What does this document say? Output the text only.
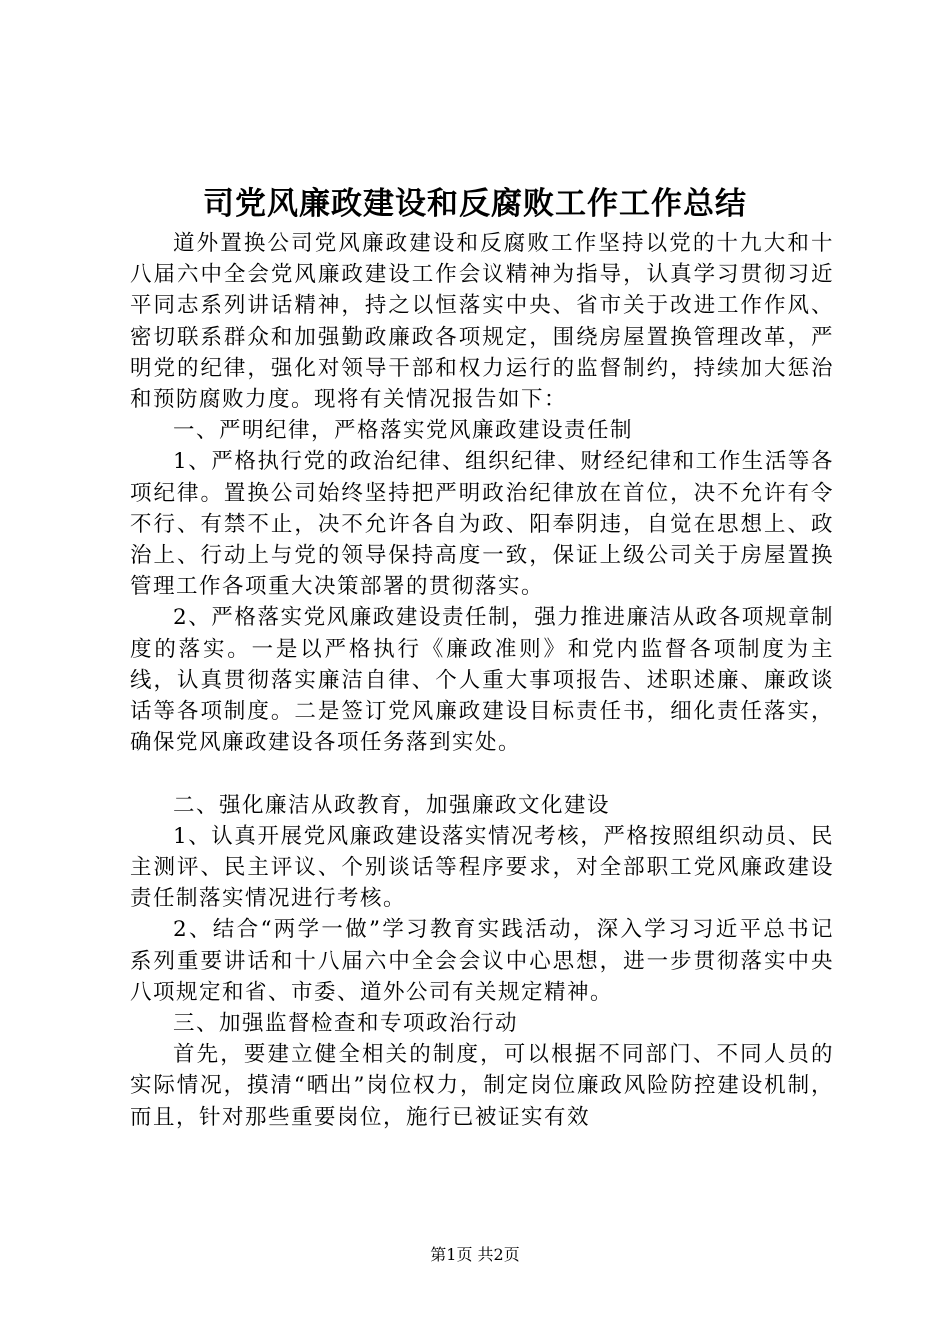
司党风廉政建设和反腐败工作工作总结

道外置换公司党风廉政建设和反腐败工作坚持以党的十九大和十八届六中全会党风廉政建设工作会议精神为指导，认真学习贯彻习近平同志系列讲话精神，持之以恒落实中央、省市关于改进工作作风、密切联系群众和加强勤政廉政各项规定，围绕房屋置换管理改革，严明党的纪律，强化对领导干部和权力运行的监督制约，持续加大惩治和预防腐败力度。现将有关情况报告如下：

一、严明纪律，严格落实党风廉政建设责任制

1、严格执行党的政治纪律、组织纪律、财经纪律和工作生活等各项纪律。置换公司始终坚持把严明政治纪律放在首位，决不允许有令不行、有禁不止，决不允许各自为政、阳奉阴违，自觉在思想上、政治上、行动上与党的领导保持高度一致，保证上级公司关于房屋置换管理工作各项重大决策部署的贯彻落实。

2、严格落实党风廉政建设责任制，强力推进廉洁从政各项规章制度的落实。一是以严格执行《廉政准则》和党内监督各项制度为主线，认真贯彻落实廉洁自律、个人重大事项报告、述职述廉、廉政谈话等各项制度。二是签订党风廉政建设目标责任书，细化责任落实，确保党风廉政建设各项任务落到实处。

二、强化廉洁从政教育，加强廉政文化建设

1、认真开展党风廉政建设落实情况考核，严格按照组织动员、民主测评、民主评议、个别谈话等程序要求，对全部职工党风廉政建设责任制落实情况进行考核。

2、结合“两学一做”学习教育实践活动，深入学习习近平总书记系列重要讲话和十八届六中全会会议中心思想，进一步贯彻落实中央八项规定和省、市委、道外公司有关规定精神。

三、加强监督检查和专项政治行动

首先，要建立健全相关的制度，可以根据不同部门、不同人员的实际情况，摸清“晒出”岗位权力，制定岗位廉政风险防控建设机制，而且，针对那些重要岗位，施行已被证实有效

第1页 共2页
